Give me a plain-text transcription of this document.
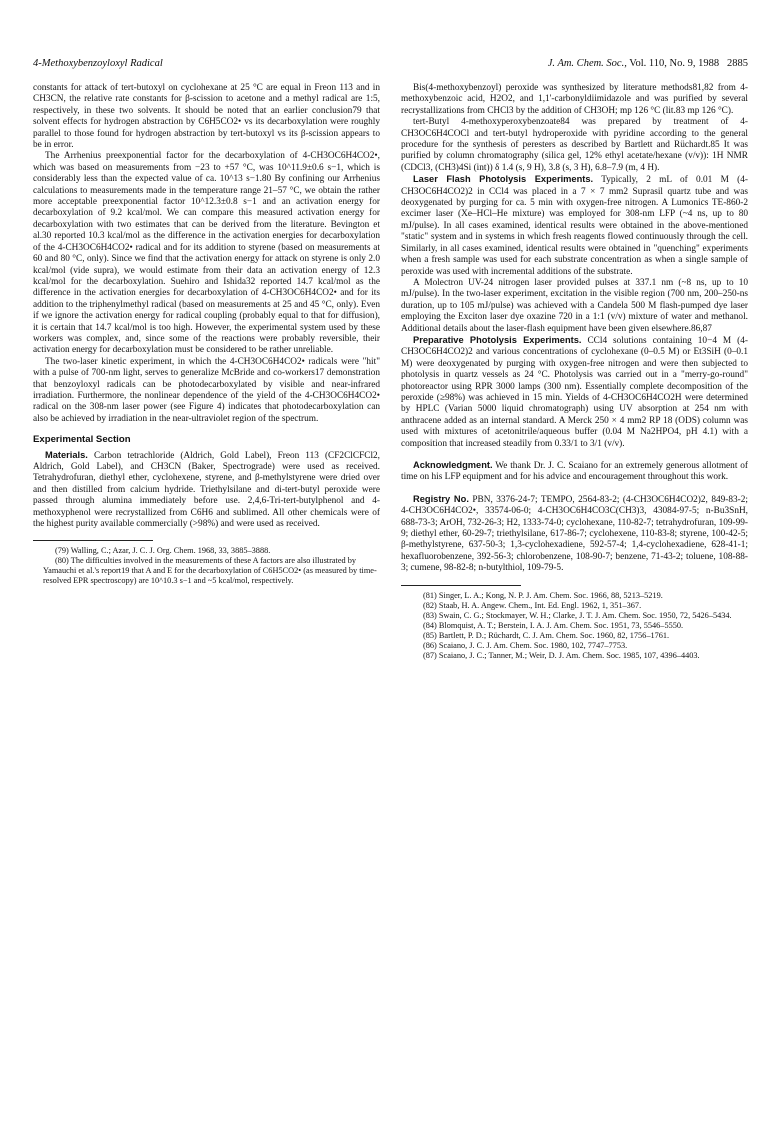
4-Methoxybenzoyloxyl Radical	J. Am. Chem. Soc., Vol. 110, No. 9, 1988 2885

constants for attack of tert-butoxyl on cyclohexane at 25 °C are equal in Freon 113 and in CH3CN, the relative rate constants for β-scission to acetone and a methyl radical are 1:5, respectively, in these two solvents. It should be noted that an earlier conclusion79 that solvent effects for hydrogen abstraction by C6H5CO2• vs its decarboxylation were roughly parallel to those found for hydrogen abstraction by tert-butoxyl vs its β-scission appears to be in error.

The Arrhenius preexponential factor for the decarboxylation of 4-CH3OC6H4CO2•, which was based on measurements from −23 to +57 °C, was 10^11.9±0.6 s−1, which is considerably less than the expected value of ca. 10^13 s−1.80 By confining our Arrhenius calculations to measurements made in the temperature range 21–57 °C, we obtain the rather more acceptable preexponential factor 10^12.3±0.8 s−1 and an activation energy for decarboxylation of 9.2 kcal/mol. We can compare this measured activation energy for decarboxylation with two estimates that can be derived from the literature. Bevington et al.30 reported 10.3 kcal/mol as the difference in the activation energies for decarboxylation of the 4-CH3OC6H4CO2• radical and for its addition to styrene (based on measurements at 60 and 80 °C, only). Since we find that the activation energy for attack on styrene is only 2.0 kcal/mol (vide supra), we would estimate from their data an activation energy of 12.3 kcal/mol for the decarboxylation. Suehiro and Ishida32 reported 14.7 kcal/mol as the difference in the activation energies for decarboxylation of 4-CH3OC6H4CO2• and for its addition to the triphenylmethyl radical (based on measurements at 25 and 45 °C, only). Even if we ignore the activation energy for radical coupling (probably equal to that for diffusion), it is certain that 14.7 kcal/mol is too high. However, the experimental system used by these workers was complex, and, since some of the reactions were probably reversible, their activation energy for decarboxylation must be considered to be rather unreliable.

The two-laser kinetic experiment, in which the 4-CH3OC6H4CO2• radicals were "hit" with a pulse of 700-nm light, serves to generalize McBride and co-workers17 demonstration that benzoyloxyl radicals can be photodecarboxylated by visible and near-infrared irradiation. Furthermore, the nonlinear dependence of the yield of the 4-CH3OC6H4CO2• radical on the 308-nm laser power (see Figure 4) indicates that photodecarboxylation can also be achieved by irradiation in the near-ultraviolet region of the spectrum.

Experimental Section

Materials. Carbon tetrachloride (Aldrich, Gold Label), Freon 113 (CF2ClCFCl2, Aldrich, Gold Label), and CH3CN (Baker, Spectrograde) were used as received. Tetrahydrofuran, diethyl ether, cyclohexene, styrene, and β-methylstyrene were dried over and then distilled from calcium hydride. Triethylsilane and di-tert-butyl peroxide were passed through alumina immediately before use. 2,4,6-Tri-tert-butylphenol and 4-methoxyphenol were recrystallized from C6H6 and sublimed. All other chemicals were of the highest purity available commercially (>98%) and were used as received.

(79) Walling, C.; Azar, J. C. J. Org. Chem. 1968, 33, 3885–3888.

(80) The difficulties involved in the measurements of these A factors are also illustrated by Yamauchi et al.'s report19 that A and E for the decarboxylation of C6H5CO2• (as measured by time-resolved EPR spectroscopy) are 10^10.3 s−1 and ~5 kcal/mol, respectively.

Bis(4-methoxybenzoyl) peroxide was synthesized by literature methods81,82 from 4-methoxybenzoic acid, H2O2, and 1,1'-carbonyldiimidazole and was purified by several recrystallizations from CHCl3 by the addition of CH3OH; mp 126 °C (lit.83 mp 126 °C).

tert-Butyl 4-methoxyperoxybenzoate84 was prepared by treatment of 4-CH3OC6H4COCl and tert-butyl hydroperoxide with pyridine according to the general procedure for the synthesis of peresters as described by Bartlett and Rüchardt.85 It was purified by column chromatography (silica gel, 12% ethyl acetate/hexane (v/v)): 1H NMR (CDCl3, (CH3)4Si (int)) δ 1.4 (s, 9 H), 3.8 (s, 3 H), 6.8–7.9 (m, 4 H).

Laser Flash Photolysis Experiments. Typically, 2 mL of 0.01 M (4-CH3OC6H4CO2)2 in CCl4 was placed in a 7 × 7 mm2 Suprasil quartz tube and was deoxygenated by purging for ca. 5 min with oxygen-free nitrogen. A Lumonics TE-860-2 excimer laser (Xe–HCl–He mixture) was employed for 308-nm LFP (~4 ns, up to 80 mJ/pulse). In all cases examined, identical results were obtained in the above-mentioned "static" system and in systems in which fresh reagents flowed continuously through the cell. Similarly, in all cases examined, identical results were obtained in "quenching" experiments when a fresh sample was used for each substrate concentration as when a single sample of peroxide was used with incremental additions of the substrate.

A Molectron UV-24 nitrogen laser provided pulses at 337.1 nm (~8 ns, up to 10 mJ/pulse). In the two-laser experiment, excitation in the visible region (700 nm, 200–250-ns duration, up to 105 mJ/pulse) was achieved with a Candela 500 M flash-pumped dye laser employing the Exciton laser dye oxazine 720 in a 1:1 (v/v) mixture of water and methanol. Additional details about the laser-flash equipment have been given elsewhere.86,87

Preparative Photolysis Experiments. CCl4 solutions containing 10−4 M (4-CH3OC6H4CO2)2 and various concentrations of cyclohexane (0–0.5 M) or Et3SiH (0–0.1 M) were deoxygenated by purging with oxygen-free nitrogen and were then subjected to photolysis in quartz vessels as 24 °C. Photolysis was carried out in a "merry-go-round" photoreactor using RPR 3000 lamps (300 nm). Essentially complete decomposition of the peroxide (≥98%) was achieved in 15 min. Yields of 4-CH3OC6H4CO2H were determined by HPLC (Varian 5000 liquid chromatograph) using UV absorption at 254 nm with anthracene added as an internal standard. A Merck 250 × 4 mm2 RP 18 (ODS) column was used with mixtures of acetonitrile/aqueous buffer (0.04 M Na2HPO4, pH 4.1) with a composition that increased steadily from 0.33/1 to 3/1 (v/v).

Acknowledgment. We thank Dr. J. C. Scaiano for an extremely generous allotment of time on his LFP equipment and for his advice and encouragement throughout this work.

Registry No. PBN, 3376-24-7; TEMPO, 2564-83-2; (4-CH3OC6H4CO2)2, 849-83-2; 4-CH3OC6H4CO2•, 33574-06-0; 4-CH3OC6H4CO3C(CH3)3, 43084-97-5; n-Bu3SnH, 688-73-3; ArOH, 732-26-3; H2, 1333-74-0; cyclohexane, 110-82-7; tetrahydrofuran, 109-99-9; diethyl ether, 60-29-7; triethylsilane, 617-86-7; cyclohexene, 110-83-8; styrene, 100-42-5; β-methylstyrene, 637-50-3; 1,3-cyclohexadiene, 592-57-4; 1,4-cyclohexadiene, 628-41-1; hexafluorobenzene, 392-56-3; chlorobenzene, 108-90-7; benzene, 71-43-2; toluene, 108-88-3; cumene, 98-82-8; n-butylthiol, 109-79-5.

(81) Singer, L. A.; Kong, N. P. J. Am. Chem. Soc. 1966, 88, 5213–5219.

(82) Staab, H. A. Angew. Chem., Int. Ed. Engl. 1962, 1, 351–367.

(83) Swain, C. G.; Stockmayer, W. H.; Clarke, J. T. J. Am. Chem. Soc. 1950, 72, 5426–5434.

(84) Blomquist, A. T.; Berstein, I. A. J. Am. Chem. Soc. 1951, 73, 5546–5550.

(85) Bartlett, P. D.; Rüchardt, C. J. Am. Chem. Soc. 1960, 82, 1756–1761.

(86) Scaiano, J. C. J. Am. Chem. Soc. 1980, 102, 7747–7753.

(87) Scaiano, J. C.; Tanner, M.; Weir, D. J. Am. Chem. Soc. 1985, 107, 4396–4403.
